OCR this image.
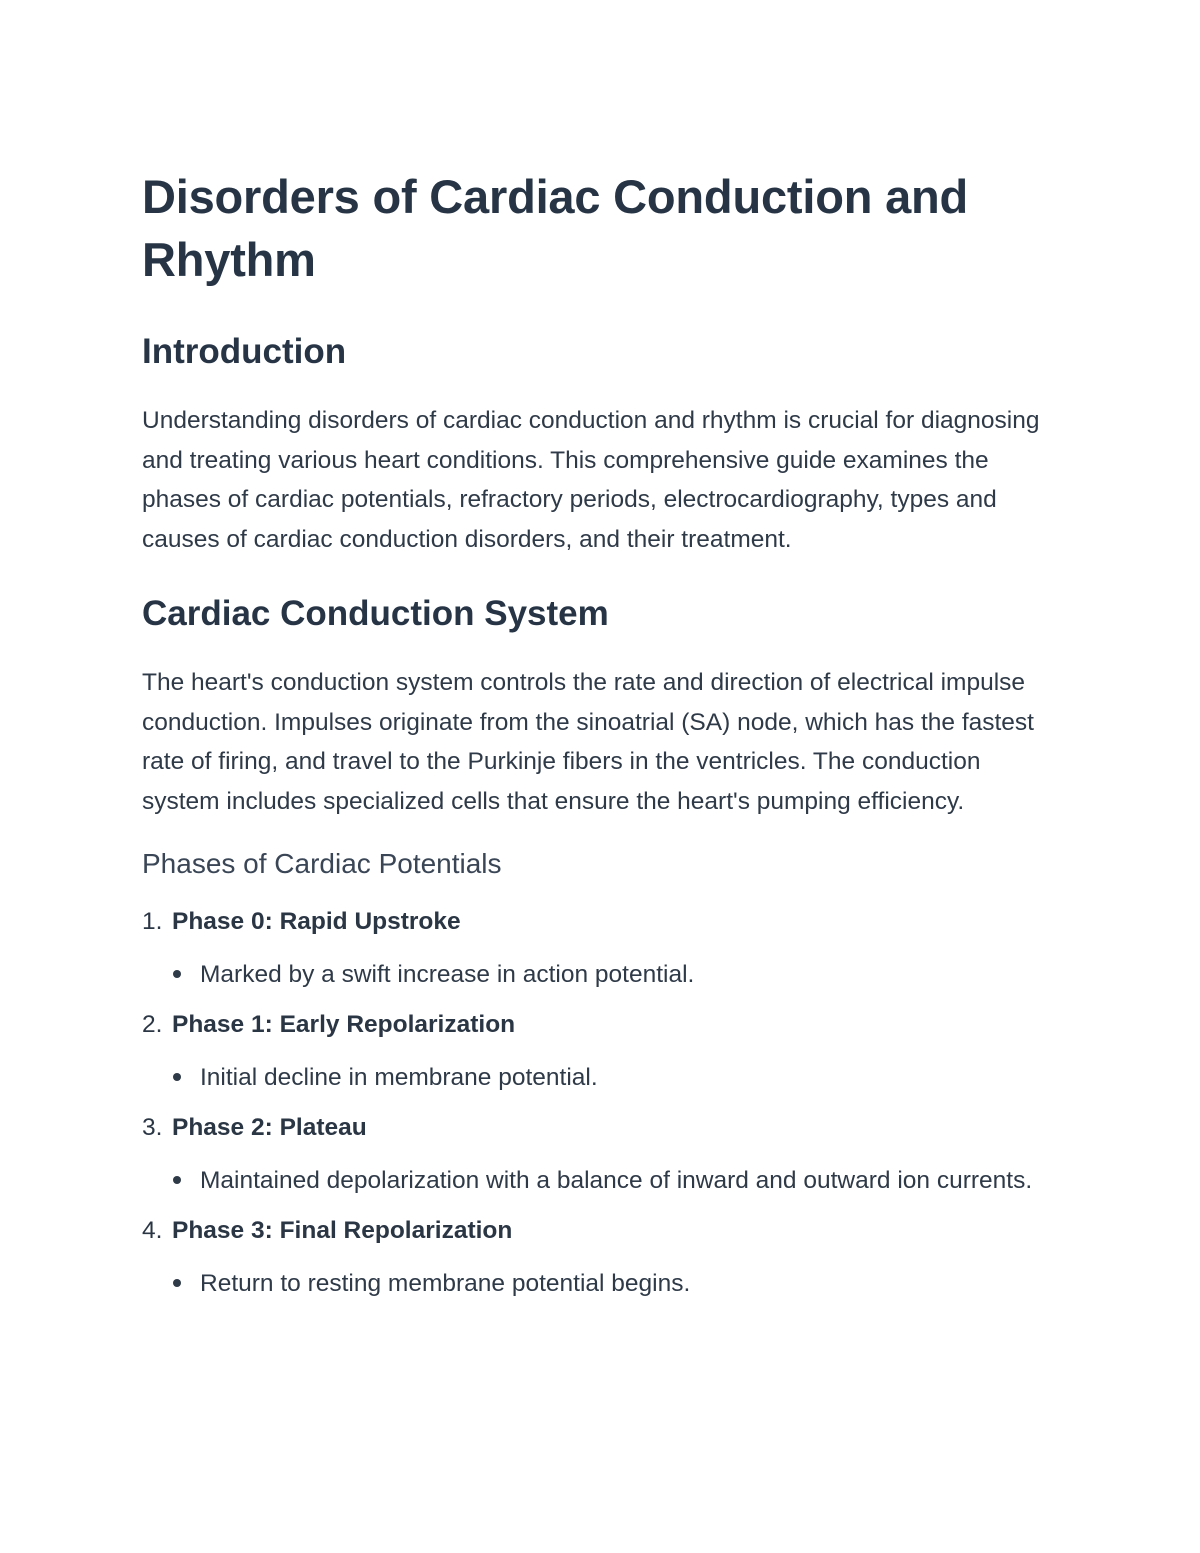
Disorders of Cardiac Conduction and Rhythm
Introduction

Understanding disorders of cardiac conduction and rhythm is crucial for diagnosing and treating various heart conditions. This comprehensive guide examines the phases of cardiac potentials, refractory periods, electrocardiography, types and causes of cardiac conduction disorders, and their treatment.

Cardiac Conduction System

The heart's conduction system controls the rate and direction of electrical impulse conduction. Impulses originate from the sinoatrial (SA) node, which has the fastest rate of firing, and travel to the Purkinje fibers in the ventricles. The conduction system includes specialized cells that ensure the heart's pumping efficiency.

Phases of Cardiac Potentials
1. Phase 0: Rapid Upstroke
Marked by a swift increase in action potential.
2. Phase 1: Early Repolarization
Initial decline in membrane potential.
3. Phase 2: Plateau
Maintained depolarization with a balance of inward and outward ion currents.
4. Phase 3: Final Repolarization
Return to resting membrane potential begins.
